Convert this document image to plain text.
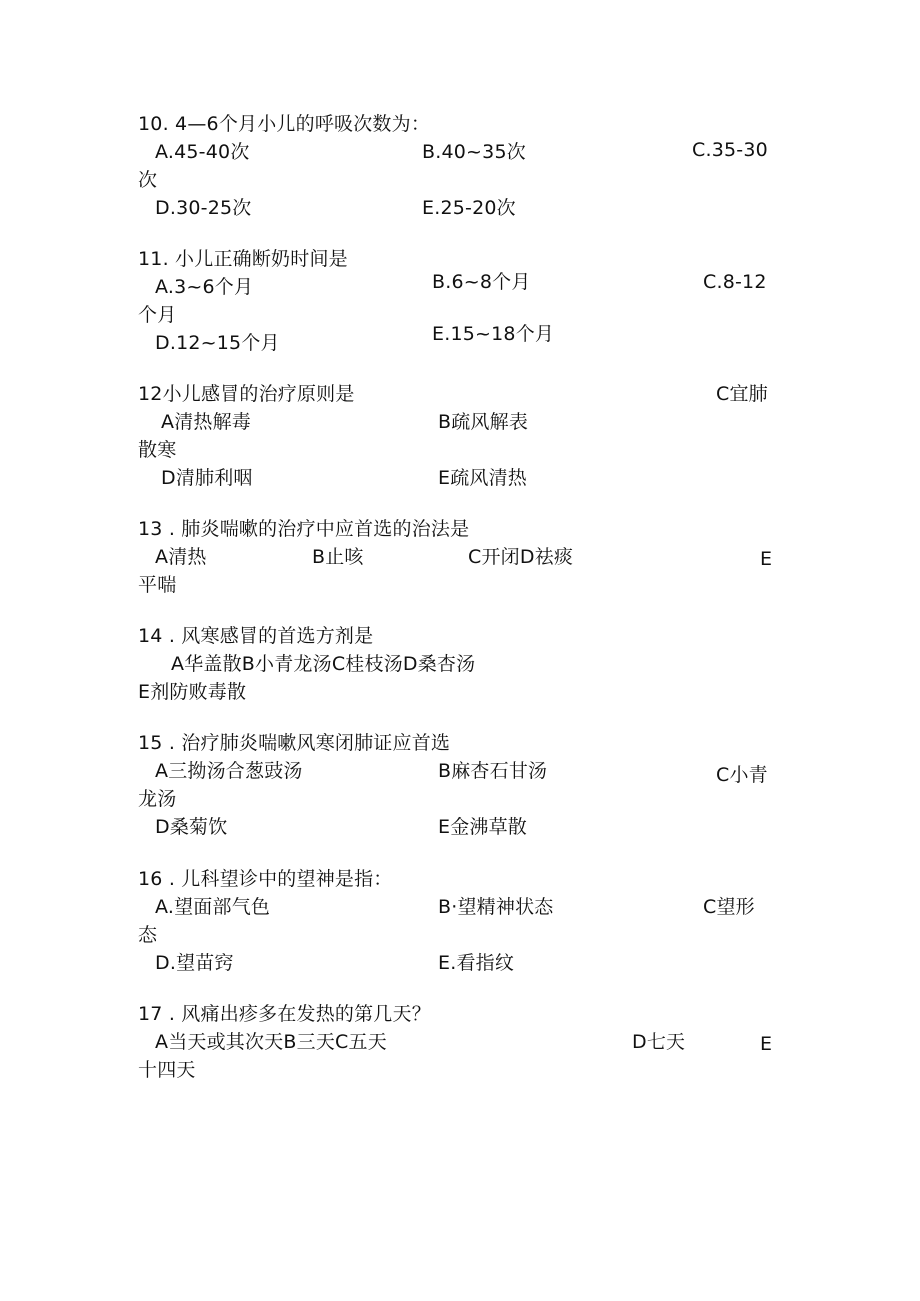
10. 4—6个月小儿的呼吸次数为：
A.45-40次	B.40~35次	C.35-30
次
D.30-25次	E.25-20次
11. 小儿正确断奶时间是
A.3~6个月	B.6~8个月	C.8-12
个月
D.12~15个月	E.15~18个月
12小儿感冒的治疗原则是	C宜肺
A清热解毒	B疏风解表
散寒
D清肺利咽	E疏风清热
13 . 肺炎喘嗽的治疗中应首选的治法是
A清热	B止咳	C开闭D祛痰	E
平喘
14 . 风寒感冒的首选方剂是
A华盖散B小青龙汤C桂枝汤D桑杏汤
E剂防败毒散
15 . 治疗肺炎喘嗽风寒闭肺证应首选
A三拗汤合葱豉汤	B麻杏石甘汤	C小青
龙汤
D桑菊饮	E金沸草散
16 . 儿科望诊中的望神是指：
A.望面部气色	B·望精神状态	C望形
态
D.望苗窍	E.看指纹
17 . 风痛出疹多在发热的第几天？
A当天或其次天B三天C五天	D七天	E
十四天
